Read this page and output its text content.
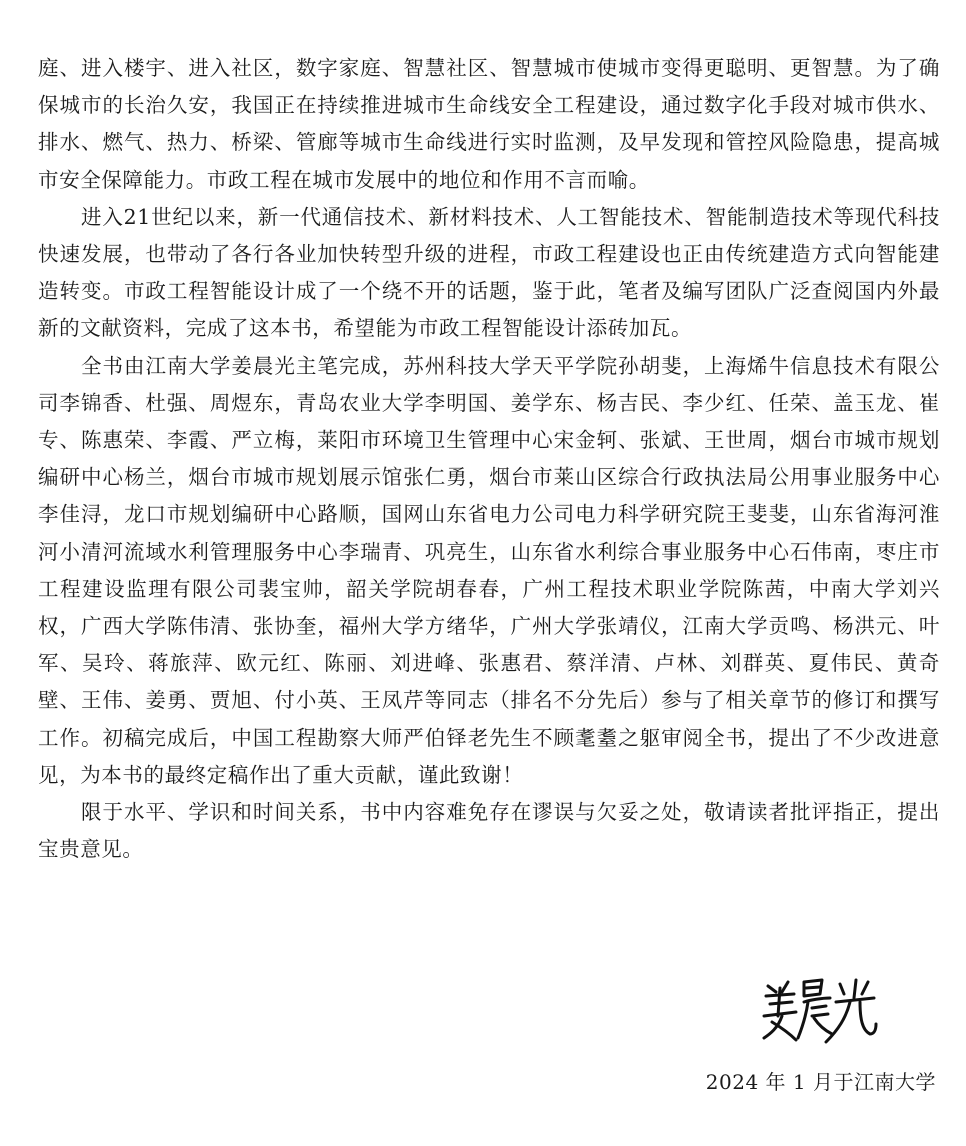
庭、进入楼宇、进入社区，数字家庭、智慧社区、智慧城市使城市变得更聪明、更智慧。为了确保城市的长治久安，我国正在持续推进城市生命线安全工程建设，通过数字化手段对城市供水、排水、燃气、热力、桥梁、管廊等城市生命线进行实时监测，及早发现和管控风险隐患，提高城市安全保障能力。市政工程在城市发展中的地位和作用不言而喻。

进入21世纪以来，新一代通信技术、新材料技术、人工智能技术、智能制造技术等现代科技快速发展，也带动了各行各业加快转型升级的进程，市政工程建设也正由传统建造方式向智能建造转变。市政工程智能设计成了一个绕不开的话题，鉴于此，笔者及编写团队广泛查阅国内外最新的文献资料，完成了这本书，希望能为市政工程智能设计添砖加瓦。

全书由江南大学姜晨光主笔完成，苏州科技大学天平学院孙胡斐，上海烯牛信息技术有限公司李锦香、杜强、周煜东，青岛农业大学李明国、姜学东、杨吉民、李少红、任荣、盖玉龙、崔专、陈惠荣、李霞、严立梅，莱阳市环境卫生管理中心宋金轲、张斌、王世周，烟台市城市规划编研中心杨兰，烟台市城市规划展示馆张仁勇，烟台市莱山区综合行政执法局公用事业服务中心李佳浔，龙口市规划编研中心路顺，国网山东省电力公司电力科学研究院王斐斐，山东省海河淮河小清河流域水利管理服务中心李瑞青、巩亮生，山东省水利综合事业服务中心石伟南，枣庄市工程建设监理有限公司裴宝帅，韶关学院胡春春，广州工程技术职业学院陈茜，中南大学刘兴权，广西大学陈伟清、张协奎，福州大学方绪华，广州大学张靖仪，江南大学贡鸣、杨洪元、叶军、吴玲、蒋旅萍、欧元红、陈丽、刘进峰、张惠君、蔡洋清、卢林、刘群英、夏伟民、黄奇壁、王伟、姜勇、贾旭、付小英、王凤芹等同志（排名不分先后）参与了相关章节的修订和撰写工作。初稿完成后，中国工程勘察大师严伯铎老先生不顾耄耋之躯审阅全书，提出了不少改进意见，为本书的最终定稿作出了重大贡献，谨此致谢！

限于水平、学识和时间关系，书中内容难免存在谬误与欠妥之处，敬请读者批评指正，提出宝贵意见。

2024 年 1 月于江南大学
